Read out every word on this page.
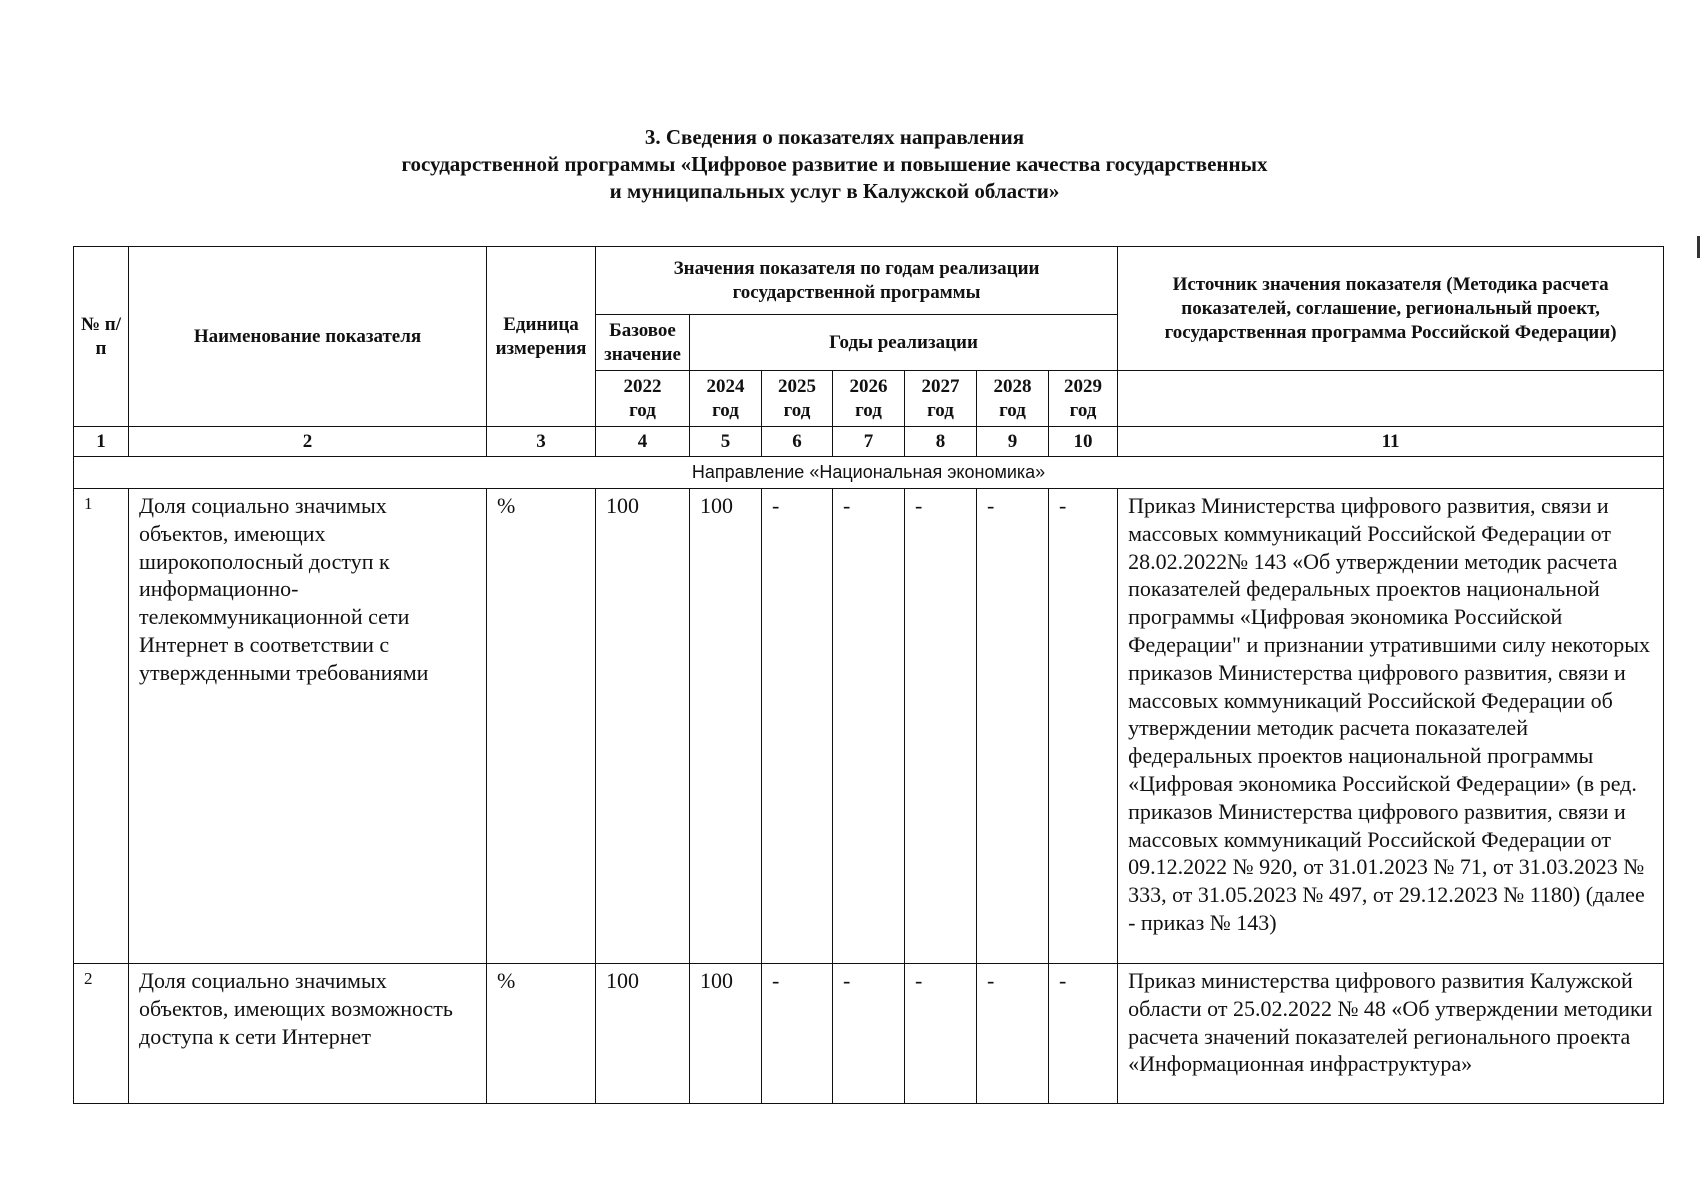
3. Сведения о показателях направления
государственной программы «Цифровое развитие и повышение качества государственных
и муниципальных услуг в Калужской области»
№ п/п	Наименование показателя	Единица измерения	Значения показателя по годам реализации государственной программы							Источник значения показателя (Методика расчета показателей, соглашение, региональный проект, государственная программа Российской Федерации)
			Базовое значение	Годы реализации						
			2022 год	2024 год	2025 год	2026 год	2027 год	2028 год	2029 год	
1	2	3	4	5	6	7	8	9	10	11
Направление «Национальная экономика»										
1	Доля социально значимых объектов, имеющих широкополосный доступ к информационно-телекоммуникационной сети Интернет в соответствии с утвержденными требованиями	%	100	100	-	-	-	-	-	Приказ Министерства цифрового развития, связи и массовых коммуникаций Российской Федерации от 28.02.2022№ 143 «Об утверждении методик расчета показателей федеральных проектов национальной программы «Цифровая экономика Российской Федерации" и признании утратившими силу некоторых приказов Министерства цифрового развития, связи и массовых коммуникаций Российской Федерации об утверждении методик расчета показателей федеральных проектов национальной программы «Цифровая экономика Российской Федерации» (в ред. приказов Министерства цифрового развития, связи и массовых коммуникаций Российской Федерации от 09.12.2022 № 920, от 31.01.2023 № 71, от 31.03.2023 № 333, от 31.05.2023 № 497, от 29.12.2023 № 1180) (далее - приказ № 143)
2	Доля социально значимых объектов, имеющих возможность доступа к сети Интернет	%	100	100	-	-	-	-	-	Приказ министерства цифрового развития Калужской области от 25.02.2022 № 48 «Об утверждении методики расчета значений показателей регионального проекта «Информационная инфраструктура»
